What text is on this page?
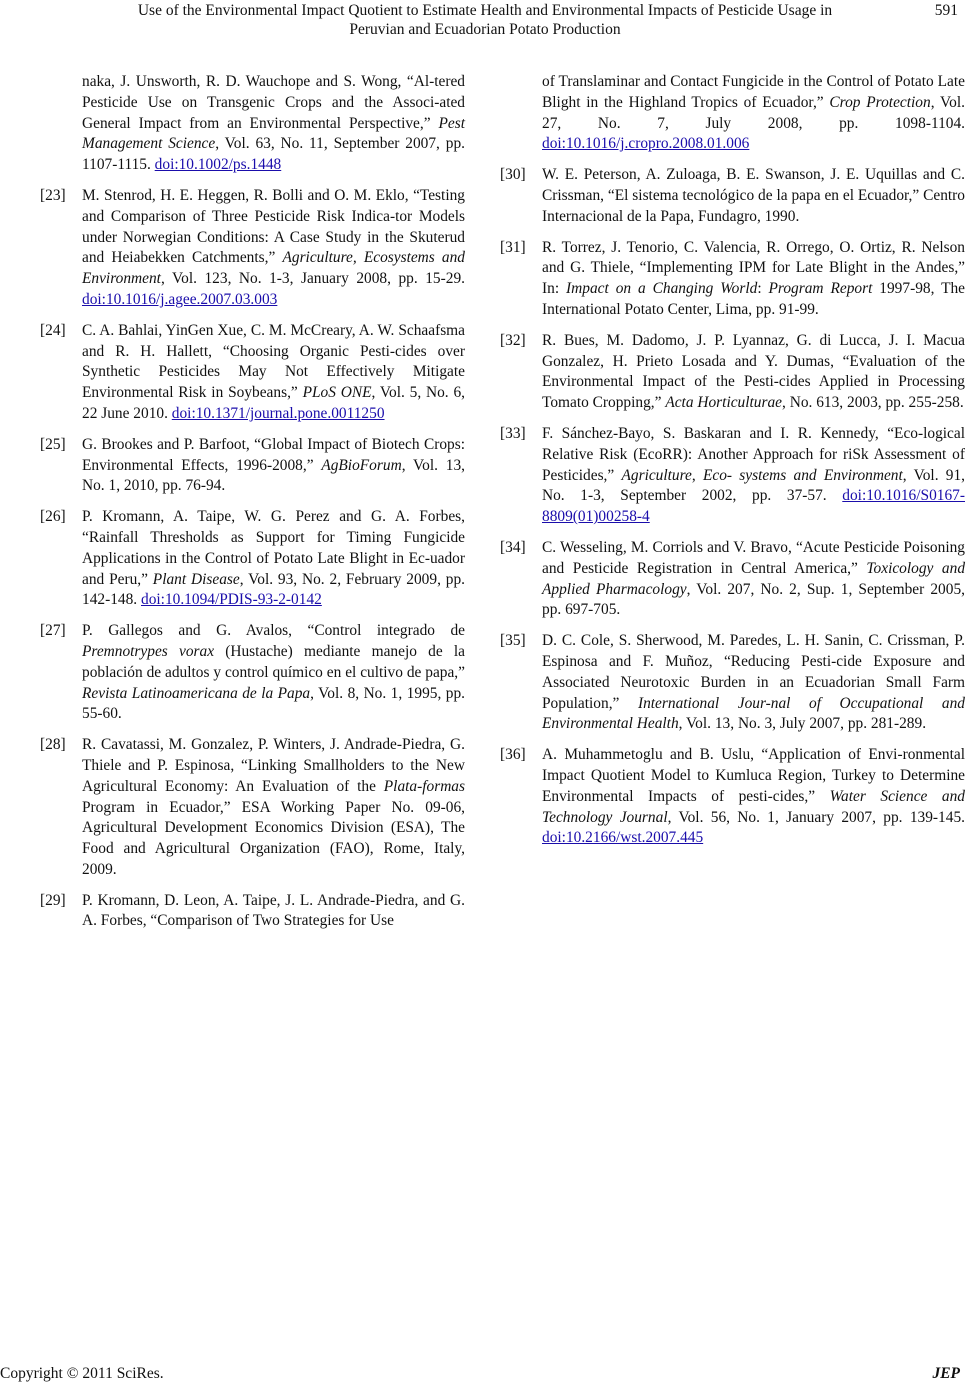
Use of the Environmental Impact Quotient to Estimate Health and Environmental Impacts of Pesticide Usage in
Peruvian and Ecuadorian Potato Production
591
naka, J. Unsworth, R. D. Wauchope and S. Wong, “Al-tered Pesticide Use on Transgenic Crops and the Associ-ated General Impact from an Environmental Perspective,” Pest Management Science, Vol. 63, No. 11, September 2007, pp. 1107-1115. doi:10.1002/ps.1448
[23] M. Stenrod, H. E. Heggen, R. Bolli and O. M. Eklo, “Testing and Comparison of Three Pesticide Risk Indica-tor Models under Norwegian Conditions: A Case Study in the Skuterud and Heiabekken Catchments,” Agriculture, Ecosystems and Environment, Vol. 123, No. 1-3, January 2008, pp. 15-29. doi:10.1016/j.agee.2007.03.003
[24] C. A. Bahlai, YinGen Xue, C. M. McCreary, A. W. Schaafsma and R. H. Hallett, “Choosing Organic Pesti-cides over Synthetic Pesticides May Not Effectively Mitigate Environmental Risk in Soybeans,” PLoS ONE, Vol. 5, No. 6, 22 June 2010. doi:10.1371/journal.pone.0011250
[25] G. Brookes and P. Barfoot, “Global Impact of Biotech Crops: Environmental Effects, 1996-2008,” AgBioForum, Vol. 13, No. 1, 2010, pp. 76-94.
[26] P. Kromann, A. Taipe, W. G. Perez and G. A. Forbes, “Rainfall Thresholds as Support for Timing Fungicide Applications in the Control of Potato Late Blight in Ec-uador and Peru,” Plant Disease, Vol. 93, No. 2, February 2009, pp. 142-148. doi:10.1094/PDIS-93-2-0142
[27] P. Gallegos and G. Avalos, “Control integrado de Premnotrypes vorax (Hustache) mediante manejo de la población de adultos y control químico en el cultivo de papa,” Revista Latinoamericana de la Papa, Vol. 8, No. 1, 1995, pp. 55-60.
[28] R. Cavatassi, M. Gonzalez, P. Winters, J. Andrade-Piedra, G. Thiele and P. Espinosa, “Linking Smallholders to the New Agricultural Economy: An Evaluation of the Plata-formas Program in Ecuador,” ESA Working Paper No. 09-06, Agricultural Development Economics Division (ESA), The Food and Agricultural Organization (FAO), Rome, Italy, 2009.
[29] P. Kromann, D. Leon, A. Taipe, J. L. Andrade-Piedra, and G. A. Forbes, “Comparison of Two Strategies for Use
of Translaminar and Contact Fungicide in the Control of Potato Late Blight in the Highland Tropics of Ecuador,” Crop Protection, Vol. 27, No. 7, July 2008, pp. 1098-1104. doi:10.1016/j.cropro.2008.01.006
[30] W. E. Peterson, A. Zuloaga, B. E. Swanson, J. E. Uquillas and C. Crissman, “El sistema tecnológico de la papa en el Ecuador,” Centro Internacional de la Papa, Fundagro, 1990.
[31] R. Torrez, J. Tenorio, C. Valencia, R. Orrego, O. Ortiz, R. Nelson and G. Thiele, “Implementing IPM for Late Blight in the Andes,” In: Impact on a Changing World: Program Report 1997-98, The International Potato Center, Lima, pp. 91-99.
[32] R. Bues, M. Dadomo, J. P. Lyannaz, G. di Lucca, J. I. Macua Gonzalez, H. Prieto Losada and Y. Dumas, “Evaluation of the Environmental Impact of the Pesti-cides Applied in Processing Tomato Cropping,” Acta Horticulturae, No. 613, 2003, pp. 255-258.
[33] F. Sánchez-Bayo, S. Baskaran and I. R. Kennedy, “Eco-logical Relative Risk (EcoRR): Another Approach for riSk Assessment of Pesticides,” Agriculture, Eco- systems and Environment, Vol. 91, No. 1-3, September 2002, pp. 37-57. doi:10.1016/S0167-8809(01)00258-4
[34] C. Wesseling, M. Corriols and V. Bravo, “Acute Pesticide Poisoning and Pesticide Registration in Central America,” Toxicology and Applied Pharmacology, Vol. 207, No. 2, Sup. 1, September 2005, pp. 697-705.
[35] D. C. Cole, S. Sherwood, M. Paredes, L. H. Sanin, C. Crissman, P. Espinosa and F. Muñoz, “Reducing Pesti-cide Exposure and Associated Neurotoxic Burden in an Ecuadorian Small Farm Population,” International Jour-nal of Occupational and Environmental Health, Vol. 13, No. 3, July 2007, pp. 281-289.
[36] A. Muhammetoglu and B. Uslu, “Application of Envi-ronmental Impact Quotient Model to Kumluca Region, Turkey to Determine Environmental Impacts of pesti-cides,” Water Science and Technology Journal, Vol. 56, No. 1, January 2007, pp. 139-145. doi:10.2166/wst.2007.445
Copyright © 2011 SciRes.	JEP
